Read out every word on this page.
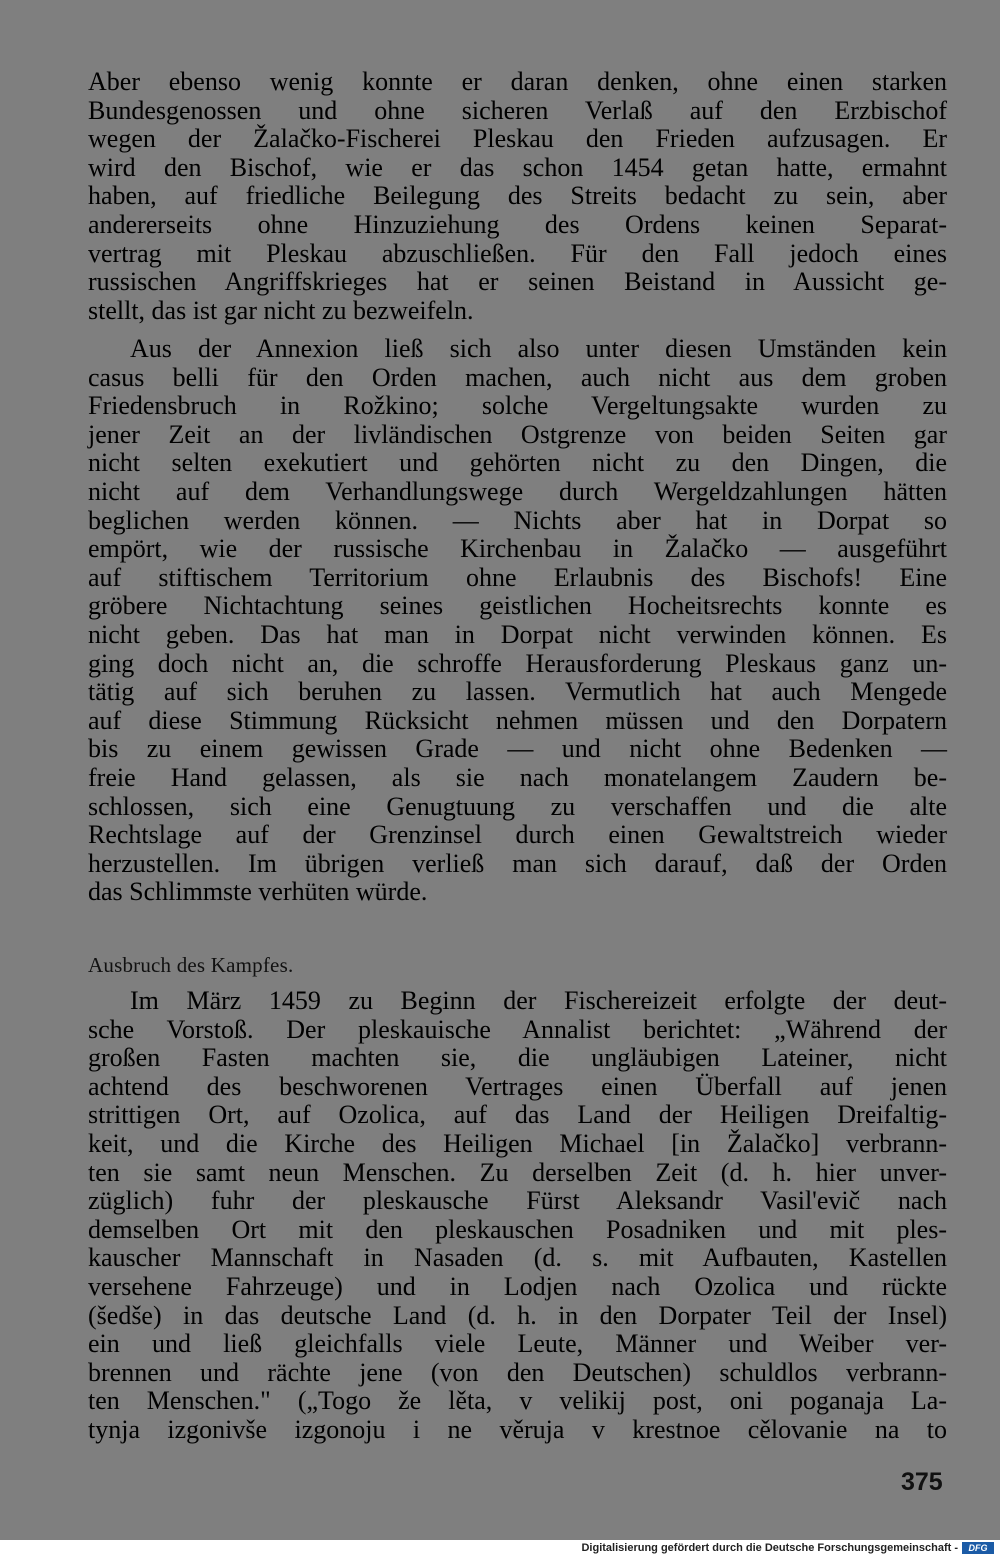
Aber ebenso wenig konnte er daran denken, ohne einen starken
Bundesgenossen und ohne sicheren Verlaß auf den Erzbischof
wegen der Žalačko-Fischerei Pleskau den Frieden aufzusagen. Er
wird den Bischof, wie er das schon 1454 getan hatte, ermahnt
haben, auf friedliche Beilegung des Streits bedacht zu sein, aber
andererseits ohne Hinzuziehung des Ordens keinen Separat-
vertrag mit Pleskau abzuschließen. Für den Fall jedoch eines
russischen Angriffskrieges hat er seinen Beistand in Aussicht ge-
stellt, das ist gar nicht zu bezweifeln.
Aus der Annexion ließ sich also unter diesen Umständen kein
casus belli für den Orden machen, auch nicht aus dem groben
Friedensbruch in Rožkino; solche Vergeltungsakte wurden zu
jener Zeit an der livländischen Ostgrenze von beiden Seiten gar
nicht selten exekutiert und gehörten nicht zu den Dingen, die
nicht auf dem Verhandlungswege durch Wergeldzahlungen hätten
beglichen werden können. — Nichts aber hat in Dorpat so
empört, wie der russische Kirchenbau in Žalačko — ausgeführt
auf stiftischem Territorium ohne Erlaubnis des Bischofs! Eine
gröbere Nichtachtung seines geistlichen Hocheitsrechts konnte es
nicht geben. Das hat man in Dorpat nicht verwinden können. Es
ging doch nicht an, die schroffe Herausforderung Pleskaus ganz un-
tätig auf sich beruhen zu lassen. Vermutlich hat auch Mengede
auf diese Stimmung Rücksicht nehmen müssen und den Dorpatern
bis zu einem gewissen Grade — und nicht ohne Bedenken —
freie Hand gelassen, als sie nach monatelangem Zaudern be-
schlossen, sich eine Genugtuung zu verschaffen und die alte
Rechtslage auf der Grenzinsel durch einen Gewaltstreich wieder
herzustellen. Im übrigen verließ man sich darauf, daß der Orden
das Schlimmste verhüten würde.
Ausbruch des Kampfes.
Im März 1459 zu Beginn der Fischereizeit erfolgte der deut-
sche Vorstoß. Der pleskauische Annalist berichtet: „Während der
großen Fasten machten sie, die ungläubigen Lateiner, nicht
achtend des beschworenen Vertrages einen Überfall auf jenen
strittigen Ort, auf Ozolica, auf das Land der Heiligen Dreifaltig-
keit, und die Kirche des Heiligen Michael [in Žalačko] verbrann-
ten sie samt neun Menschen. Zu derselben Zeit (d. h. hier unver-
züglich) fuhr der pleskausche Fürst Aleksandr Vasil'evič nach
demselben Ort mit den pleskauschen Posadniken und mit ples-
kauscher Mannschaft in Nasaden (d. s. mit Aufbauten, Kastellen
versehene Fahrzeuge) und in Lodjen nach Ozolica und rückte
(šedše) in das deutsche Land (d. h. in den Dorpater Teil der Insel)
ein und ließ gleichfalls viele Leute, Männer und Weiber ver-
brennen und rächte jene (von den Deutschen) schuldlos verbrann-
ten Menschen." („Togo že lěta, v velikij post, oni poganaja La-
tynja izgonivše izgonoju i ne věruja v krestnoe cělovanie na to
375
Digitalisierung gefördert durch die Deutsche Forschungsgemeinschaft -	DFG
